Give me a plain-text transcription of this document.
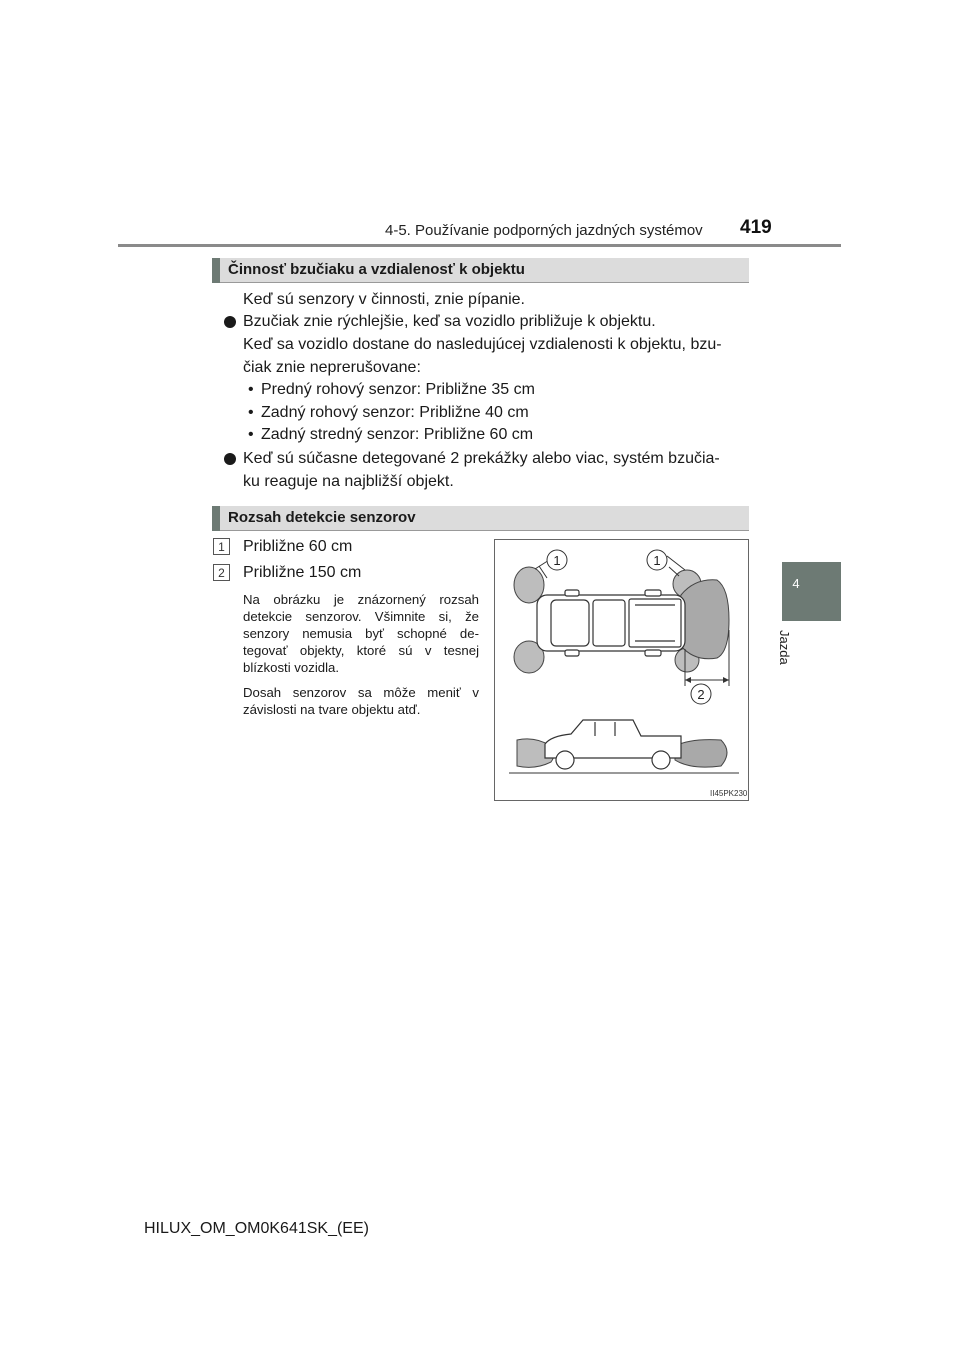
4-5. Používanie podporných jazdných systémov 419
4
Jazda
Činnosť bzučiaku a vzdialenosť k objektu
Keď sú senzory v činnosti, znie pípanie.
Bzučiak znie rýchlejšie, keď sa vozidlo približuje k objektu.
Keď sa vozidlo dostane do nasledujúcej vzdialenosti k objektu, bzu-
čiak znie neprerušovane:
• Predný rohový senzor: Približne 35 cm
• Zadný rohový senzor: Približne 40 cm
• Zadný stredný senzor: Približne 60 cm
Keď sú súčasne detegované 2 prekážky alebo viac, systém bzučia-
ku reaguje na najbližší objekt.
Rozsah detekcie senzorov
1	Približne 60 cm
2	Približne 150 cm
Na obrázku je znázornený rozsah detekcie senzorov. Všimnite si, že senzory nemusia byť schopné de-tegovať objekty, ktoré sú v tesnej blízkosti vozidla.
Dosah senzorov sa môže meniť v závislosti na tvare objektu atď.
1	1
2
II45PK230
HILUX_OM_OM0K641SK_(EE)
